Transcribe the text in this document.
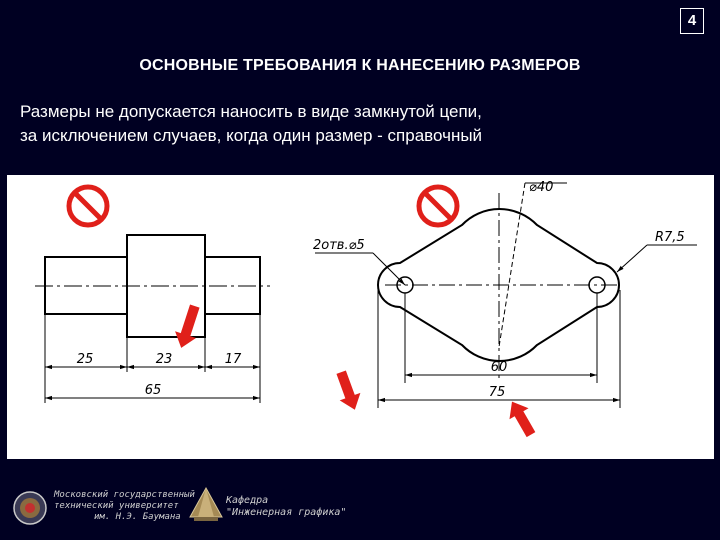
4
ОСНОВНЫЕ ТРЕБОВАНИЯ К НАНЕСЕНИЮ РАЗМЕРОВ
Размеры не допускается наносить в виде замкнутой цепи,
за исключением случаев, когда один размер - справочный
25	23	17
65
⌀40
2отв.⌀5
R7,5
60
75
Московский государственный
технический университет
им. Н.Э. Баумана
Кафедра
"Инженерная графика"
